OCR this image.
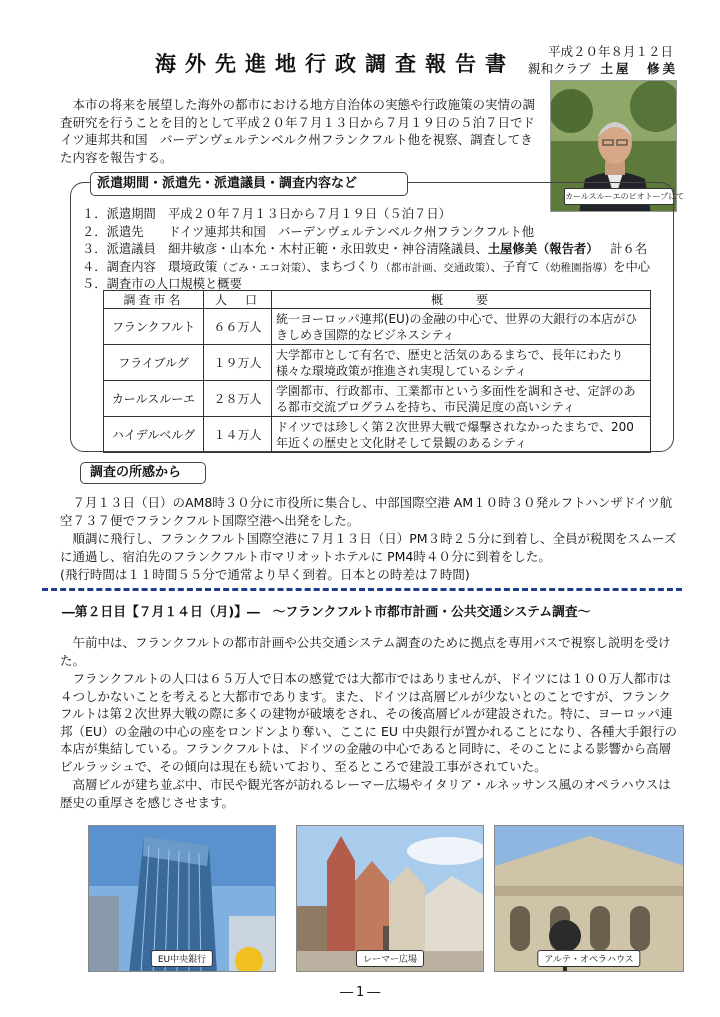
海外先進地行政調査報告書
平成２０年８月１２日
親和クラブ 土屋　修美
本市の将来を展望した海外の都市における地方自治体の実態や行政施策の実情の調査研究を行うことを目的として平成２０年７月１３日から７月１９日の５泊７日でドイツ連邦共和国　バーデンヴェルテンベルク州フランクフルト他を視察、調査してきた内容を報告する。
カールスルーエのピオトープにて
派遣期間・派遣先・派遣議員・調査内容など
１．派遣期間　平成２０年７月１３日から７月１９日（５泊７日）
２．派遣先　　ドイツ連邦共和国　バーデンヴェルテンベルク州フランクフルト他
３．派遣議員　細井敏彦・山本允・木村正範・永田敦史・神谷清隆議員、土屋修美（報告者） 計６名
４．調査内容　環境政策（ごみ・エコ対策）、まちづくり（都市計画、交通政策）、子育て（幼稚園指導）を中心
５．調査市の人口規模と概要
調査市名	人　口	概　　要
フランクフルト	６６万人	統一ヨーロッパ連邦(EU)の金融の中心で、世界の大銀行の本店がひきしめき国際的なビジネスシティ
フライブルグ	１９万人	大学都市として有名で、歴史と活気のあるまちで、長年にわたり様々な環境政策が推進され実現しているシティ
カールスルーエ	２８万人	学園都市、行政都市、工業都市という多面性を調和させ、定評のある都市交流プログラムを持ち、市民満足度の高いシティ
ハイデルベルグ	１４万人	ドイツでは珍しく第２次世界大戦で爆撃されなかったまちで、200 年近くの歴史と文化財そして景観のあるシティ
調査の所感から
７月１３日（日）のAM8時３０分に市役所に集合し、中部国際空港 AM１０時３０発ルフトハンザドイツ航空７３７便でフランクフルト国際空港へ出発をした。
順調に飛行し、フランクフルト国際空港に７月１３日（日）PM３時２５分に到着し、全員が税関をスムーズに通過し、宿泊先のフランクフルト市マリオットホテルに PM4時４０分に到着をした。
(飛行時間は１１時間５５分で通常より早く到着。日本との時差は７時間)
―第２日目【７月１４日（月)】―　～フランクフルト市都市計画・公共交通システム調査～
午前中は、フランクフルトの都市計画や公共交通システム調査のために拠点を専用バスで視察し説明を受けた。
フランクフルトの人口は６５万人で日本の感覚では大都市ではありませんが、ドイツには１００万人都市は４つしかないことを考えると大都市であります。また、ドイツは高層ビルが少ないとのことですが、フランクフルトは第２次世界大戦の際に多くの建物が破壊をされ、その後高層ビルが建設された。特に、ヨーロッパ連邦（EU）の金融の中心の座をロンドンより奪い、ここに EU 中央銀行が置かれることになり、各種大手銀行の本店が集結している。フランクフルトは、ドイツの金融の中心であると同時に、そのことによる影響から高層ビルラッシュで、その傾向は現在も続いており、至るところで建設工事がされていた。
高層ビルが建ち並ぶ中、市民や観光客が訪れるレーマー広場やイタリア・ルネッサンス風のオペラハウスは歴史の重厚さを感じさせます。
EU中央銀行	レーマー広場	アルテ・オペラハウス
―1―
